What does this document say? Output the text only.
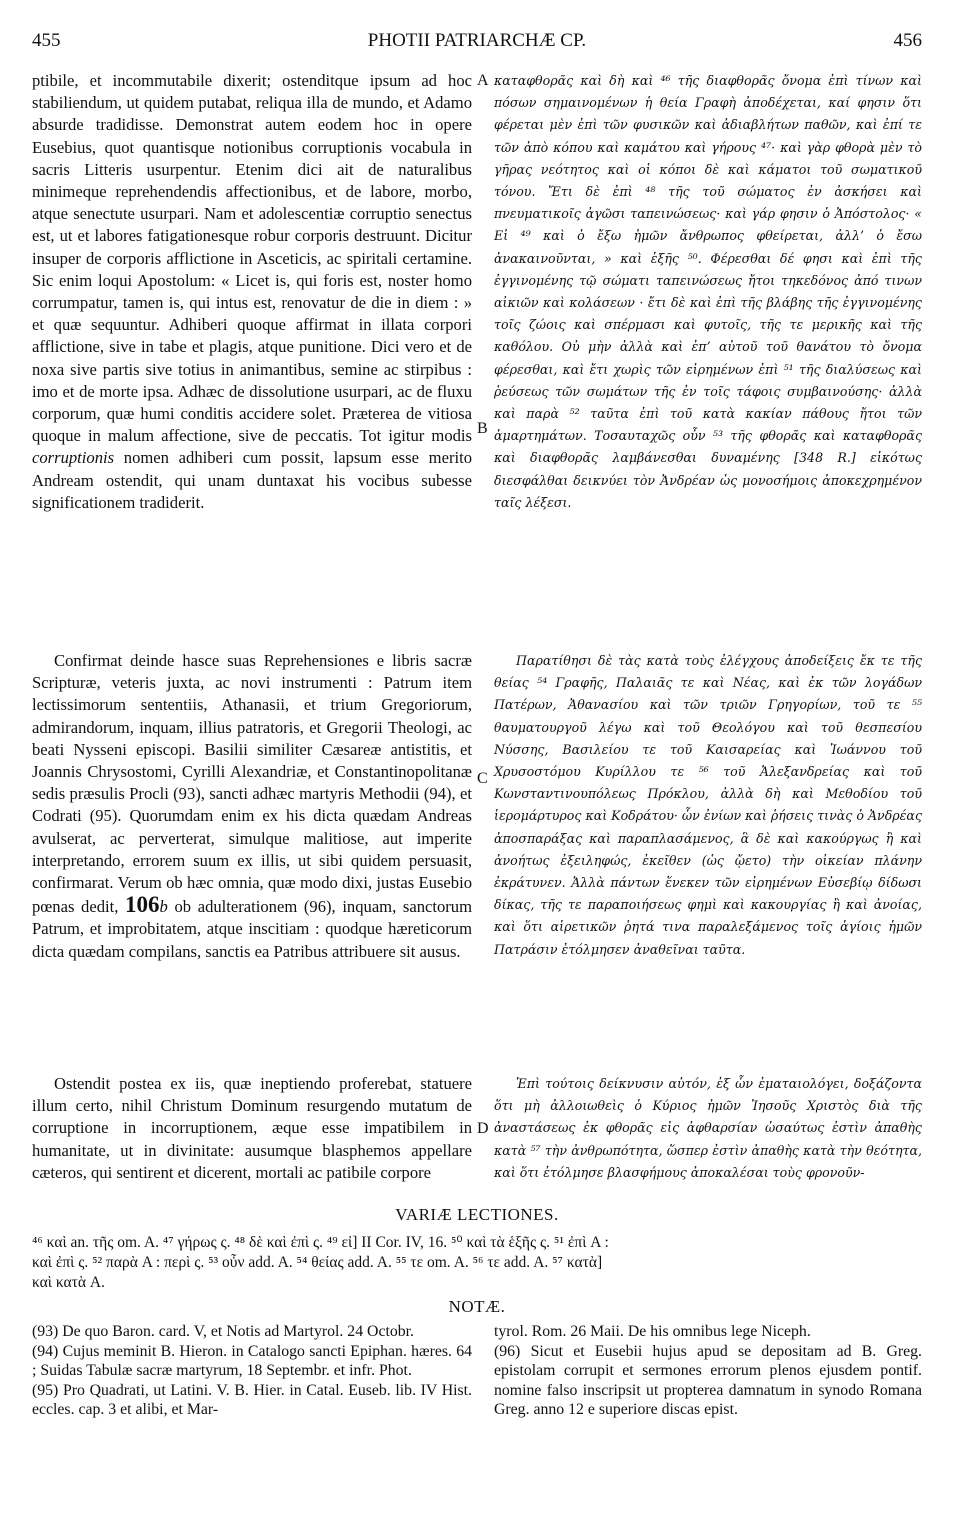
455	PHOTII PATRIARCHÆ CP.	456
A
B
C
D

ptibile, et incommutabile dixerit; ostenditque ipsum ad hoc stabiliendum, ut quidem putabat, reliqua illa de mundo, et Adamo absurde tradidisse. Demonstrat autem eodem hoc in opere Eusebius, quot quantisque notionibus corruptionis vocabula in sacris Litteris usurpentur. Etenim dici ait de naturalibus minimeque reprehendendis affectionibus, et de labore, morbo, atque senectute usurpari. Nam et adolescentiæ corruptio senectus est, ut et labores fatigationesque robur corporis destruunt. Dicitur insuper de corporis afflictione in Asceticis, ac spiritali certamine. Sic enim loqui Apostolum: « Licet is, qui foris est, noster homo corrumpatur, tamen is, qui intus est, renovatur de die in diem : » et quæ sequuntur. Adhiberi quoque affirmat in illata corpori afflictione, sive in tabe et plagis, atque punitione. Dici vero et de noxa sive partis sive totius in animantibus, semine ac stirpibus : imo et de morte ipsa. Adhæc de dissolutione usurpari, ac de fluxu corporum, quæ humi conditis accidere solet. Præterea de vitiosa quoque in malum affectione, sive de peccatis. Tot igitur modis corruptionis nomen adhiberi cum possit, lapsum esse merito Andream ostendit, qui unam duntaxat his vocibus subesse significationem tradiderit.

Confirmat deinde hasce suas Reprehensiones e libris sacræ Scripturæ, veteris juxta, ac novi instrumenti : Patrum item lectissimorum sententiis, Athanasii, et trium Gregoriorum, admirandorum, inquam, illius patratoris, et Gregorii Theologi, ac beati Nysseni episcopi. Basilii similiter Cæsareæ antistitis, et Joannis Chrysostomi, Cyrilli Alexandriæ, et Constantinopolitanæ sedis præsulis Procli (93), sancti adhæc martyris Methodii (94), et Codrati (95). Quorumdam enim ex his dicta quædam Andreas avulserat, ac perverterat, simulque malitiose, aut imperite interpretando, errorem suum ex illis, ut sibi quidem persuasit, confirmarat. Verum ob hæc omnia, quæ modo dixi, justas Eusebio pœnas dedit, 106b ob adulterationem (96), inquam, sanctorum Patrum, et improbitatem, atque inscitiam : quodque hæreticorum dicta quædam compilans, sanctis ea Patribus attribuere sit ausus.

Ostendit postea ex iis, quæ ineptiendo proferebat, statuere illum certo, nihil Christum Dominum resurgendo mutatum de corruptione in incorruptionem, æque esse impatibilem in humanitate, ut in divinitate: ausumque blasphemos appellare cæteros, qui sentirent et dicerent, mortali ac patibile corpore

καταφθορᾶς καὶ δὴ καὶ ⁴⁶ τῆς διαφθορᾶς ὄνομα ἐπὶ τίνων καὶ πόσων σημαινομένων ἡ θεία Γραφὴ ἀποδέχεται, καί φησιν ὅτι φέρεται μὲν ἐπὶ τῶν φυσικῶν καὶ ἀδιαβλήτων παθῶν, καὶ ἐπί τε τῶν ἀπὸ κόπου καὶ καμάτου καὶ γήρους ⁴⁷· καὶ γὰρ φθορὰ μὲν τὸ γῆρας νεότητος καὶ οἱ κόποι δὲ καὶ κάματοι τοῦ σωματικοῦ τόνου. Ἔτι δὲ ἐπὶ ⁴⁸ τῆς τοῦ σώματος ἐν ἀσκήσει καὶ πνευματικοῖς ἀγῶσι ταπεινώσεως· καὶ γάρ φησιν ὁ Ἀπόστολος· « Εἰ ⁴⁹ καὶ ὁ ἔξω ἡμῶν ἄνθρωπος φθείρεται, ἀλλ’ ὁ ἔσω ἀνακαινοῦνται, » καὶ ἑξῆς ⁵⁰. Φέρεσθαι δέ φησι καὶ ἐπὶ τῆς ἐγγινομένης τῷ σώματι ταπεινώσεως ἤτοι τηκεδόνος ἀπό τινων αἰκιῶν καὶ κολάσεων · ἔτι δὲ καὶ ἐπὶ τῆς βλάβης τῆς ἐγγινομένης τοῖς ζώοις καὶ σπέρμασι καὶ φυτοῖς, τῆς τε μερικῆς καὶ τῆς καθόλου. Οὐ μὴν ἀλλὰ καὶ ἐπ’ αὐτοῦ τοῦ θανάτου τὸ ὄνομα φέρεσθαι, καὶ ἔτι χωρὶς τῶν εἰρημένων ἐπὶ ⁵¹ τῆς διαλύσεως καὶ ῥεύσεως τῶν σωμάτων τῆς ἐν τοῖς τάφοις συμβαινούσης· ἀλλὰ καὶ παρὰ ⁵² ταῦτα ἐπὶ τοῦ κατὰ κακίαν πάθους ἤτοι τῶν ἁμαρτημάτων. Τοσαυταχῶς οὖν ⁵³ τῆς φθορᾶς καὶ καταφθορᾶς καὶ διαφθορᾶς λαμβάνεσθαι δυναμένης [348 R.] εἰκότως διεσφάλθαι δεικνύει τὸν Ἀνδρέαν ὡς μονοσήμοις ἀποκεχρημένον ταῖς λέξεσι.

Παρατίθησι δὲ τὰς κατὰ τοὺς ἐλέγχους ἀποδείξεις ἔκ τε τῆς θείας ⁵⁴ Γραφῆς, Παλαιᾶς τε καὶ Νέας, καὶ ἐκ τῶν λογάδων Πατέρων, Ἀθανασίου καὶ τῶν τριῶν Γρηγορίων, τοῦ τε ⁵⁵ θαυματουργοῦ λέγω καὶ τοῦ Θεολόγου καὶ τοῦ θεσπεσίου Νύσσης, Βασιλείου τε τοῦ Καισαρείας καὶ Ἰωάννου τοῦ Χρυσοστόμου Κυρίλλου τε ⁵⁶ τοῦ Ἀλεξανδρείας καὶ τοῦ Κωνσταντινουπόλεως Πρόκλου, ἀλλὰ δὴ καὶ Μεθοδίου τοῦ ἱερομάρτυρος καὶ Κοδράτου· ὧν ἐνίων καὶ ῥήσεις τινὰς ὁ Ἀνδρέας ἀποσπαράξας καὶ παραπλασάμενος, ἃ δὲ καὶ κακούργως ἢ καὶ ἀνοήτως ἐξειληφώς, ἐκεῖθεν (ὡς ᾤετο) τὴν οἰκείαν πλάνην ἐκράτυνεν. Ἀλλὰ πάντων ἕνεκεν τῶν εἰρημένων Εὐσεβίῳ δίδωσι δίκας, τῆς τε παραποιήσεως φημὶ καὶ κακουργίας ἢ καὶ ἀνοίας, καὶ ὅτι αἱρετικῶν ῥητά τινα παραλεξάμενος τοῖς ἁγίοις ἡμῶν Πατράσιν ἐτόλμησεν ἀναθεῖναι ταῦτα.

Ἐπὶ τούτοις δείκνυσιν αὐτόν, ἐξ ὧν ἐματαιολόγει, δοξάζοντα ὅτι μὴ ἀλλοιωθεὶς ὁ Κύριος ἡμῶν Ἰησοῦς Χριστὸς διὰ τῆς ἀναστάσεως ἐκ φθορᾶς εἰς ἀφθαρσίαν ὡσαύτως ἐστὶν ἀπαθὴς κατὰ ⁵⁷ τὴν ἀνθρωπότητα, ὥσπερ ἐστὶν ἀπαθὴς κατὰ τὴν θεότητα, καὶ ὅτι ἐτόλμησε βλασφήμους ἀποκαλέσαι τοὺς φρονοῦν-

VARIÆ LECTIONES.

⁴⁶ καὶ an. τῆς om. A. ⁴⁷ γήρως ς. ⁴⁸ δὲ καὶ ἐπὶ ς. ⁴⁹ εἰ] II Cor. IV, 16. ⁵⁰ καὶ τὰ ἑξῆς ς. ⁵¹ ἐπὶ A :

καὶ ἐπὶ ς. ⁵² παρὰ A : περὶ ς. ⁵³ οὖν add. A. ⁵⁴ θείας add. A. ⁵⁵ τε om. A. ⁵⁶ τε add. A. ⁵⁷ κατὰ]

καὶ κατὰ A.

NOTÆ.

(93) De quo Baron. card. V, et Notis ad Martyrol. 24 Octobr.

(94) Cujus meminit B. Hieron. in Catalogo sancti Epiphan. hæres. 64 ; Suidas Tabulæ sacræ martyrum, 18 Septembr. et infr. Phot.

(95) Pro Quadrati, ut Latini. V. B. Hier. in Catal. Euseb. lib. IV Hist. eccles. cap. 3 et alibi, et Mar-

tyrol. Rom. 26 Maii. De his omnibus lege Niceph.

(96) Sicut et Eusebii hujus apud se depositam ad B. Greg. epistolam corrupit et sermones errorum plenos ejusdem pontif. nomine falso inscripsit ut propterea damnatum in synodo Romana Greg. anno 12 e superiore discas epist.
